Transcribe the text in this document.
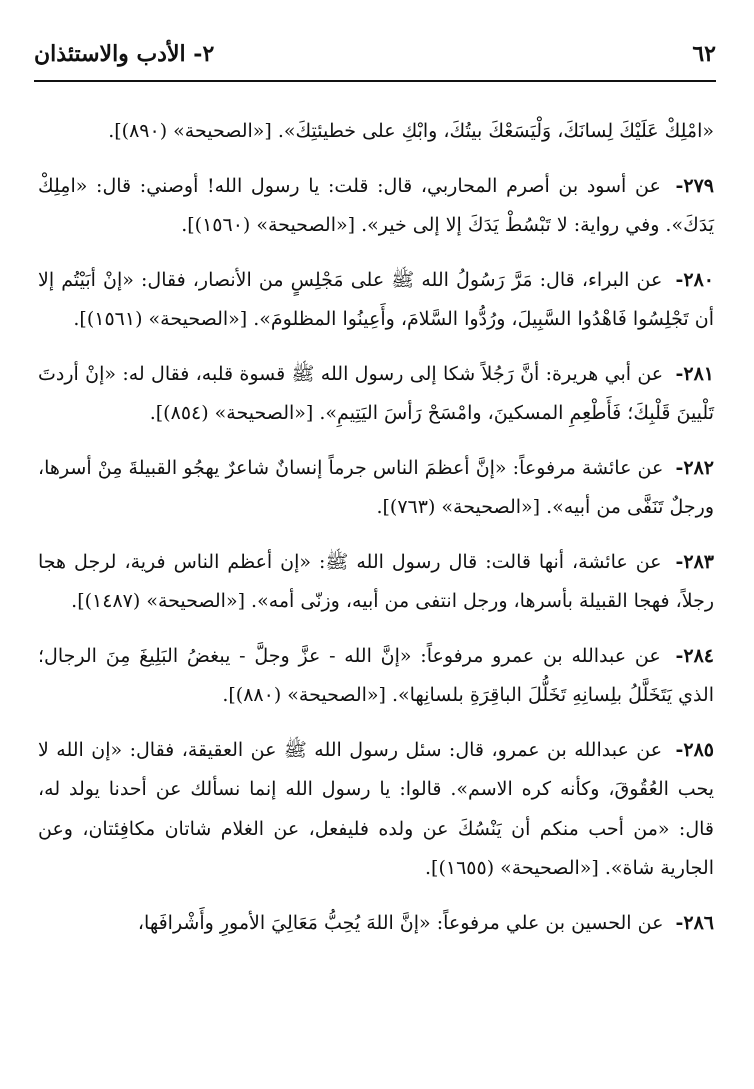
٦٢
٢- الأدب والاستئذان

«امْلِكْ عَلَيْكَ لِسانَكَ، وَلْيَسَعْكَ بيتُكَ، وابْكِ على خطيئتِكَ». [«الصحيحة» (٨٩٠)].

٢٧٩- عن أسود بن أصرم المحاربي، قال: قلت: يا رسول الله! أوصني: قال: «امِلِكْ يَدَكَ». وفي رواية: لا تَبْسُطْ يَدَكَ إلا إلى خير». [«الصحيحة» (١٥٦٠)].

٢٨٠- عن البراء، قال: مَرَّ رَسُولُ الله ﷺ على مَجْلِسٍ من الأنصار، فقال: «إنْ أبَيْتُم إلا أن تَجْلِسُوا فَاهْدُوا السَّبِيلَ، ورُدُّوا السَّلامَ، وأَعِينُوا المظلومَ». [«الصحيحة» (١٥٦١)].

٢٨١- عن أبي هريرة: أنَّ رَجُلاً شكا إلى رسول الله ﷺ قسوة قلبه، فقال له: «إنْ أردتَ تَلْيينَ قَلْبِكَ؛ فَأَطْعِمِ المسكينَ، وامْسَحْ رَأسَ اليَتِيمِ». [«الصحيحة» (٨٥٤)].

٢٨٢- عن عائشة مرفوعاً: «إنَّ أعظمَ الناس جرماً إنسانٌ شاعرٌ يهجُو القبيلةَ مِنْ أسرها، ورجلٌ تَنَفَّى من أبيه». [«الصحيحة» (٧٦٣)].

٢٨٣- عن عائشة، أنها قالت: قال رسول الله ﷺ: «إن أعظم الناس فرية، لرجل هجا رجلاً، فهجا القبيلة بأسرها، ورجل انتفى من أبيه، وزنّى أمه». [«الصحيحة» (١٤٨٧)].

٢٨٤- عن عبدالله بن عمرو مرفوعاً: «إنَّ الله - عزَّ وجلَّ - يبغضُ البَلِيغَ مِنَ الرجال؛ الذي يَتَخَلَّلُ بلِسانِهِ تَخَلُّلَ الباقِرَةِ بلسانِها». [«الصحيحة» (٨٨٠)].

٢٨٥- عن عبدالله بن عمرو، قال: سئل رسول الله ﷺ عن العقيقة، فقال: «إن الله لا يحب العُقُوقَ، وكأنه كره الاسم». قالوا: يا رسول الله إنما نسألك عن أحدنا يولد له، قال: «من أحب منكم أن يَنْسُكَ عن ولده فليفعل، عن الغلام شاتان مكافِئتان، وعن الجارية شاة». [«الصحيحة» (١٦٥٥)].

٢٨٦- عن الحسين بن علي مرفوعاً: «إنَّ اللهَ يُحِبُّ مَعَالِيَ الأمورِ وأَشْرافَها،
